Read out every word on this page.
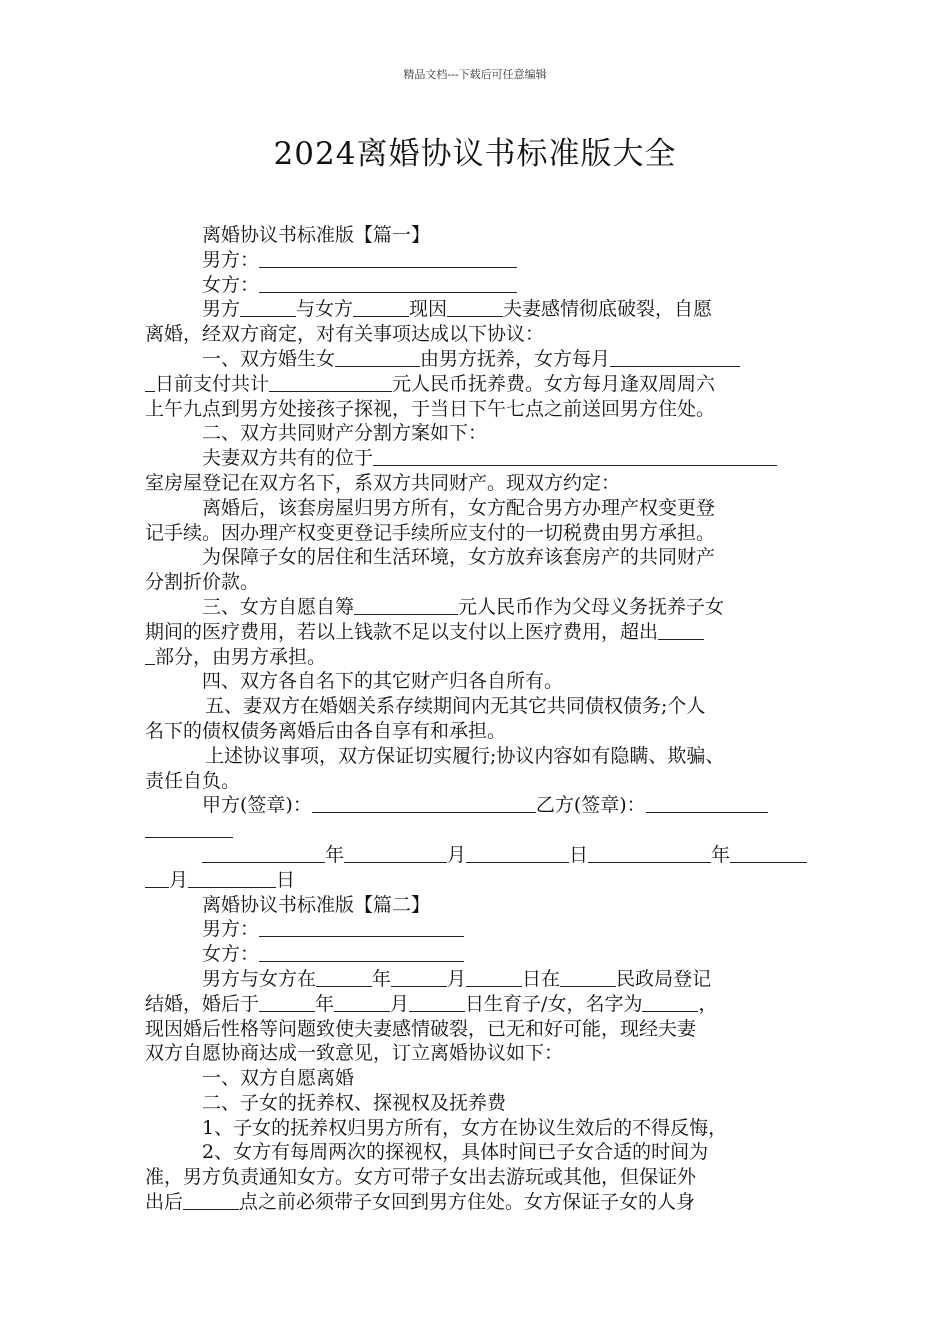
精品文档---下载后可任意编辑
2024离婚协议书标准版大全
离婚协议书标准版【篇一】
男方：
女方：
男方	与女方	现因	夫妻感情彻底破裂，自愿
离婚，经双方商定，对有关事项达成以下协议：
一、双方婚生女	由男方抚养，女方每月
日前支付共计	元人民币抚养费。女方每月逢双周周六
上午九点到男方处接孩子探视，于当日下午七点之前送回男方住处。
二、双方共同财产分割方案如下：
夫妻双方共有的位于
室房屋登记在双方名下，系双方共同财产。现双方约定：
离婚后，该套房屋归男方所有，女方配合男方办理产权变更登
记手续。因办理产权变更登记手续所应支付的一切税费由男方承担。
为保障子女的居住和生活环境，女方放弃该套房产的共同财产
分割折价款。
三、女方自愿自筹	元人民币作为父母义务抚养子女
期间的医疗费用，若以上钱款不足以支付以上医疗费用，超出
部分，由男方承担。
四、双方各自名下的其它财产归各自所有。
五、妻双方在婚姻关系存续期间内无其它共同债权债务;个人
名下的债权债务离婚后由各自享有和承担。
上述协议事项，双方保证切实履行;协议内容如有隐瞒、欺骗、
责任自负。
甲方(签章)：	乙方(签章)：
年	月	日	年
月	日
离婚协议书标准版【篇二】
男方：
女方：
男方与女方在	年	月	日在	民政局登记
结婚，婚后于	年	月	日生育子/女，名字为	，
现因婚后性格等问题致使夫妻感情破裂，已无和好可能，现经夫妻
双方自愿协商达成一致意见，订立离婚协议如下：
一、双方自愿离婚
二、子女的抚养权、探视权及抚养费
1、子女的抚养权归男方所有，女方在协议生效后的不得反悔，
2、女方有每周两次的探视权，具体时间已子女合适的时间为
准，男方负责通知女方。女方可带子女出去游玩或其他，但保证外
出后	点之前必须带子女回到男方住处。女方保证子女的人身
